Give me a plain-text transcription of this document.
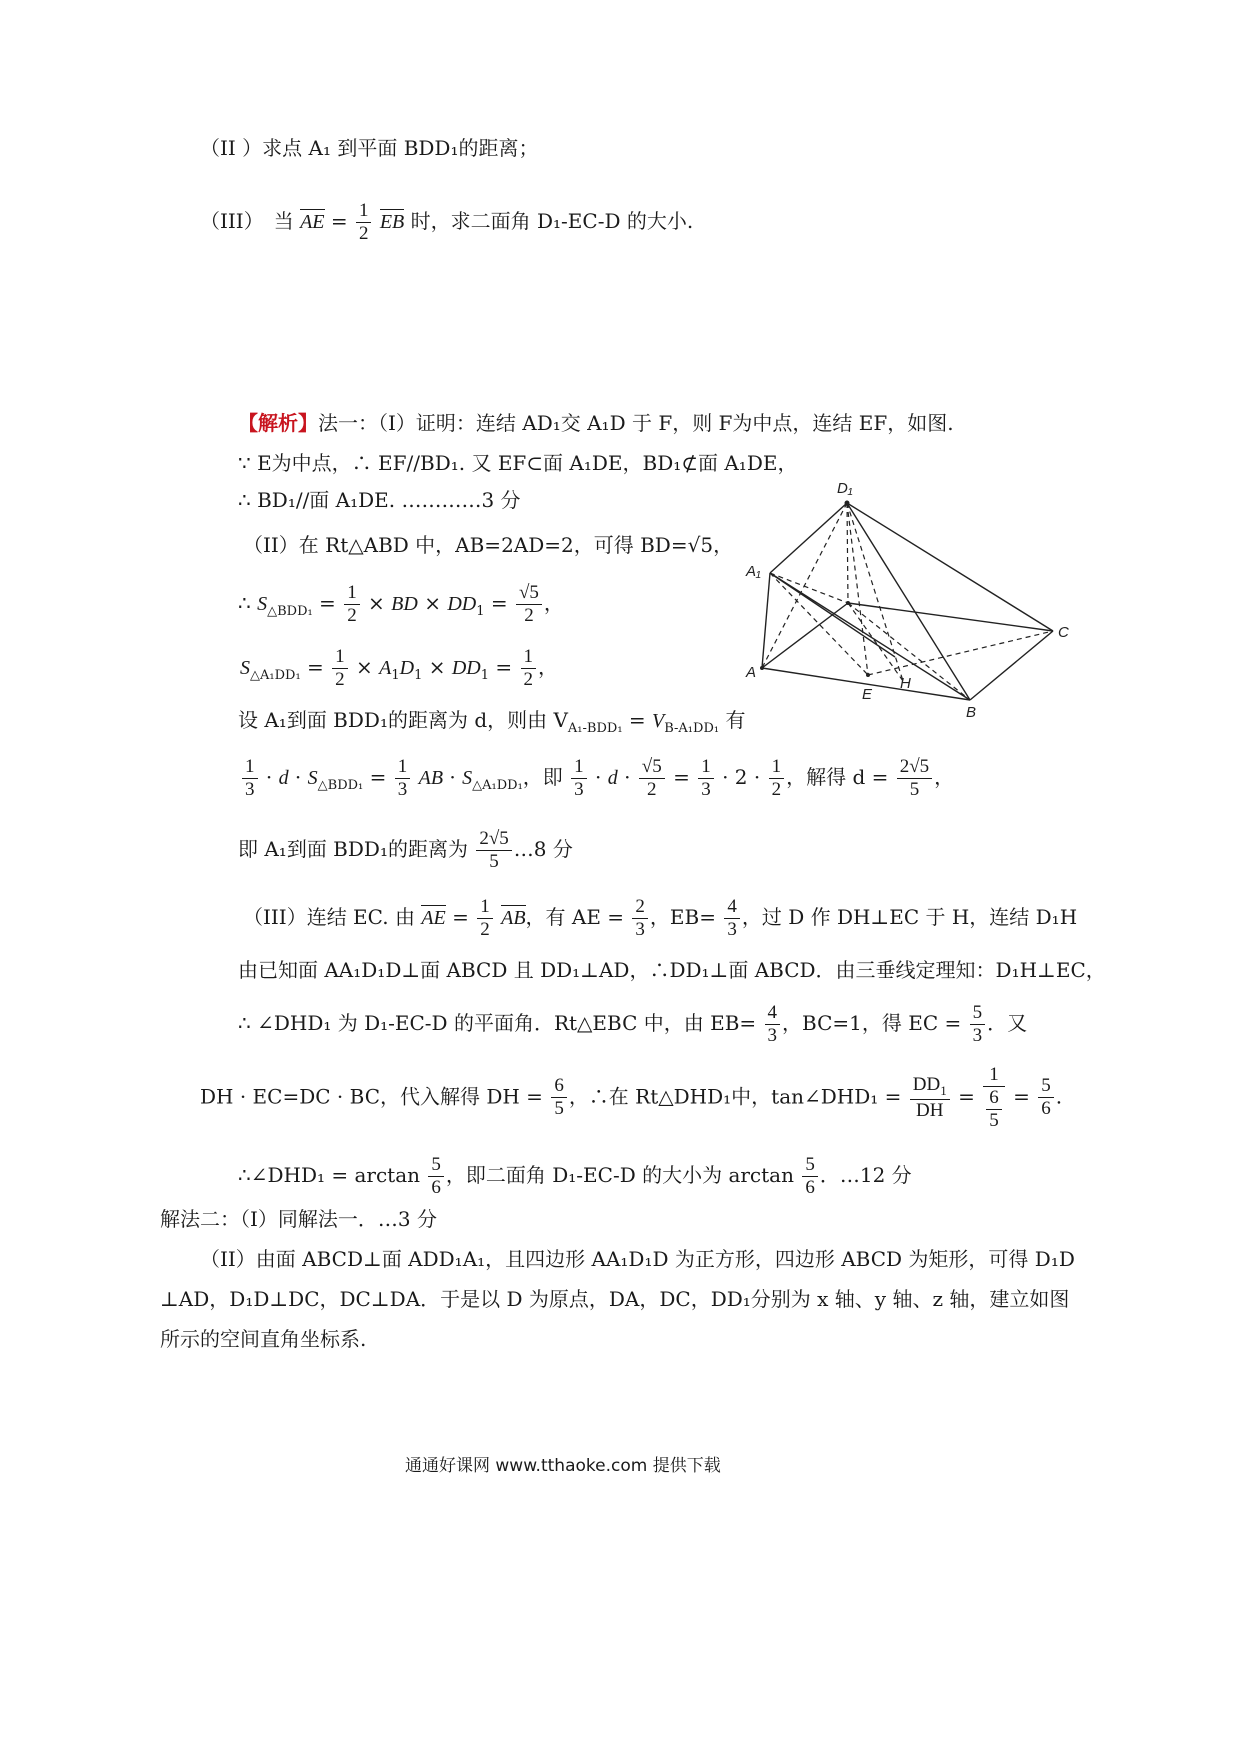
（II ）求点 A₁ 到平面 BDD₁的距离；
（III）　当 AE = $\frac{1}{2}$ EB 时，求二面角 D₁-EC-D 的大小.
【解析】法一：（I）证明：连结 AD₁交 A₁D 于 F，则 F为中点，连结 EF，如图.
∵ E为中点，∴ EF//BD₁. 又 EF⊂面 A₁DE，BD₁⊄面 A₁DE，
∴ BD₁//面 A₁DE. …………3 分
（II）在 Rt△ABD 中，AB=2AD=2，可得 BD=√5，
∴ $S_{\triangle BDD_1} = \frac{1}{2}$ × BD × $DD_1 = \frac{√5}{2}$ ，
$S_{\triangle A_1DD_1} = \frac{1}{2} \times A_1D_1 \times DD_1 = \frac{1}{2}$ ，
设 A₁到面 BDD₁的距离为 d，则由 $V_{A_1-BDD_1} = V_{B-A_1DD_1}$ 有
$\frac{1}{3} \cdot d \cdot S_{\triangle BDD_1} = \frac{1}{3}$ AB · $S_{\triangle A_1DD_1}$，即 $\frac{1}{3} \cdot d \cdot \frac{√5}{2} = \frac{1}{3} \cdot 2 \cdot \frac{1}{2}$ ，解得 $d = \frac{2√5}{5}$ ，
即 A₁到面 BDD₁的距离为 $\frac{2√5}{5}$ …8 分
（III）连结 EC. 由 AE = $\frac{1}{2}$ AB，有 AE = $\frac{2}{3}$ ，$EB= \frac{4}{3}$ ，过 D 作 DH⊥EC 于 H，连结 D₁H
由已知面 AA₁D₁D⊥面 ABCD 且 DD₁⊥AD，∴DD₁⊥面 ABCD．由三垂线定理知：D₁H⊥EC，
∴ ∠DHD₁ 为 D₁-EC-D 的平面角．Rt△EBC 中，由 $EB= \frac{4}{3}$ ，BC=1，得 EC = $\frac{5}{3}$ ．又
DH · EC=DC · BC，代入解得 DH = $\frac{6}{5}$ ，∴在 Rt△DHD₁中，tan∠DHD₁ = $\frac{DD_1}{DH} = \frac{1}{\frac{6}{5}} = \frac{5}{6}$ .
∴∠DHD₁ = $\arctan \frac{5}{6}$ ，即二面角 D₁-EC-D 的大小为 $\arctan \frac{5}{6}$ ．…12 分
解法二：（I）同解法一．…3 分
（II）由面 ABCD⊥面 ADD₁A₁，且四边形 AA₁D₁D 为正方形，四边形 ABCD 为矩形，可得 D₁D
⊥AD，D₁D⊥DC，DC⊥DA．于是以 D 为原点，DA，DC，DD₁分别为 x 轴、y 轴、z 轴，建立如图
所示的空间直角坐标系.
D₁
A₁
A
C
E
H
B
通通好课网 www.tthaoke.com 提供下载
